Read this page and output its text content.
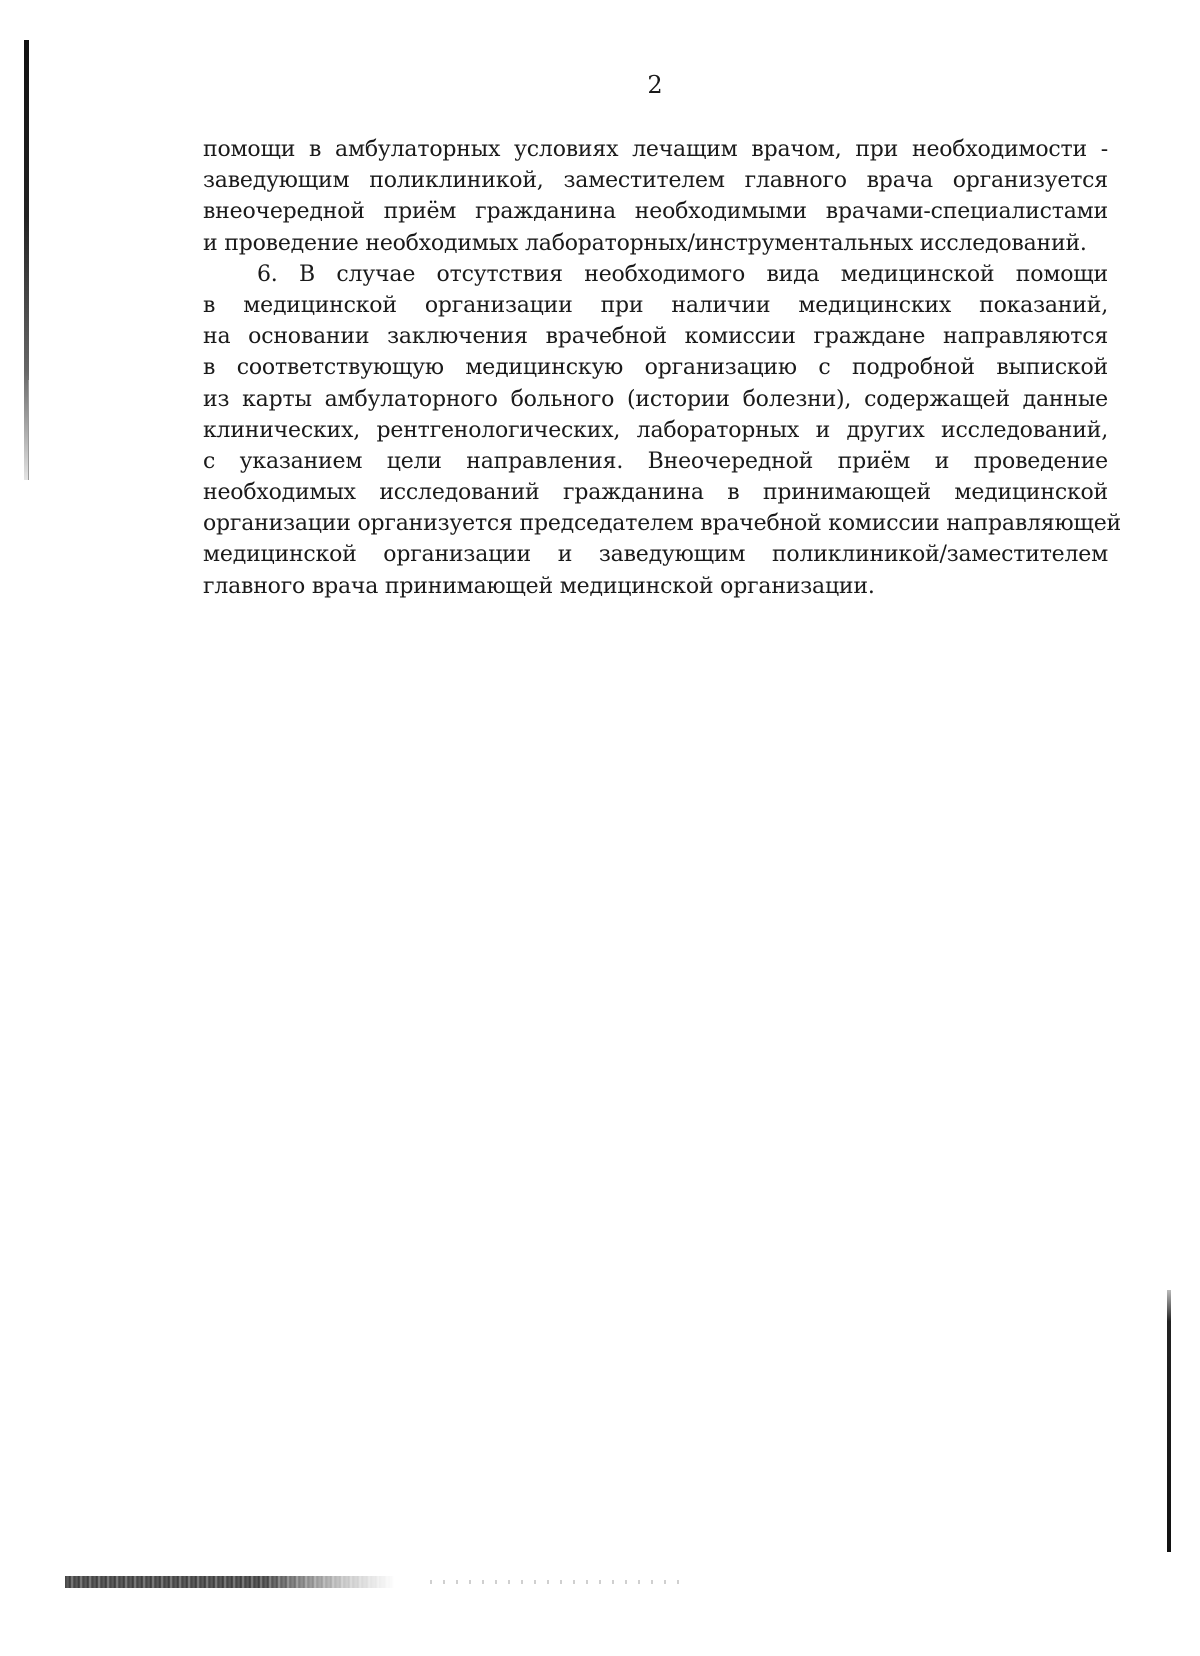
2

помощи в амбулаторных условиях лечащим врачом, при необходимости -
заведующим поликлиникой, заместителем главного врача организуется
внеочередной приём гражданина необходимыми врачами-специалистами
и проведение необходимых лабораторных/инструментальных исследований.

6. В случае отсутствия необходимого вида медицинской помощи
в медицинской организации при наличии медицинских показаний,
на основании заключения врачебной комиссии граждане направляются
в соответствующую медицинскую организацию с подробной выпиской
из карты амбулаторного больного (истории болезни), содержащей данные
клинических, рентгенологических, лабораторных и других исследований,
с указанием цели направления. Внеочередной приём и проведение
необходимых исследований гражданина в принимающей медицинской
организации организуется председателем врачебной комиссии направляющей
медицинской организации и заведующим поликлиникой/заместителем
главного врача принимающей медицинской организации.
